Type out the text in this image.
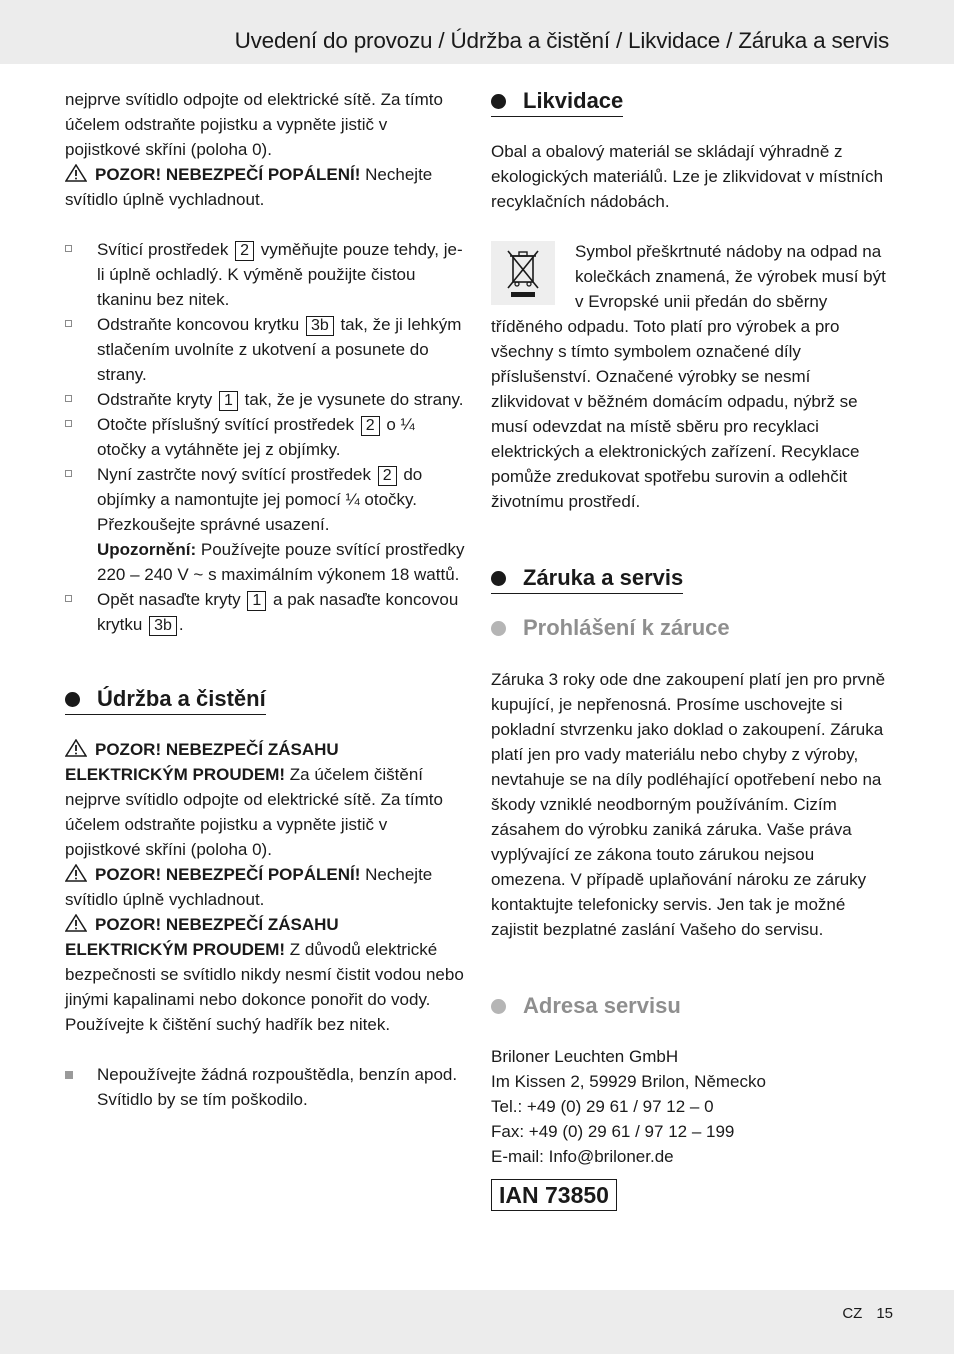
Uvedení do provozu / Údržba a čistění / Likvidace / Záruka a servis

nejprve svítidlo odpojte od elektrické sítě. Za tímto účelem odstraňte pojistku a vypněte jistič v pojistkové skříni (poloha 0).

POZOR! NEBEZPEČÍ POPÁLENÍ! Nechejte svítidlo úplně vychladnout.

Svíticí prostředek 2 vyměňujte pouze tehdy, je-li úplně ochladlý. K výměně použijte čistou tkaninu bez nitek.
Odstraňte koncovou krytku 3b tak, že ji lehkým stlačením uvolníte z ukotvení a posunete do strany.
Odstraňte kryty 1 tak, že je vysunete do strany.
Otočte příslušný svítící prostředek 2 o ¼ otočky a vytáhněte jej z objímky.
Nyní zastrčte nový svítící prostředek 2 do objímky a namontujte jej pomocí ¼ otočky. Přezkoušejte správné usazení.
Upozornění: Používejte pouze svítící prostředky 220 – 240 V ~ s maximálním výkonem 18 wattů.
Opět nasaďte kryty 1 a pak nasaďte koncovou krytku 3b .
Údržba a čistění

POZOR! NEBEZPEČÍ ZÁSAHU ELEKTRICKÝM PROUDEM! Za účelem čištění nejprve svítidlo odpojte od elektrické sítě. Za tímto účelem odstraňte pojistku a vypněte jistič v pojistkové skříni (poloha 0).

POZOR! NEBEZPEČÍ POPÁLENÍ! Nechejte svítidlo úplně vychladnout.

POZOR! NEBEZPEČÍ ZÁSAHU ELEKTRICKÝM PROUDEM! Z důvodů elektrické bezpečnosti se svítidlo nikdy nesmí čistit vodou nebo jinými kapalinami nebo dokonce ponořit do vody. Používejte k čištění suchý hadřík bez nitek.

Nepoužívejte žádná rozpouštědla, benzín apod. Svítidlo by se tím poškodilo.
Likvidace

Obal a obalový materiál se skládají výhradně z ekologických materiálů. Lze je zlikvidovat v místních recyklačních nádobách.

Symbol přeškrtnuté nádoby na odpad na kolečkách znamená, že výrobek musí být v Evropské unii předán do sběrny tříděného odpadu. Toto platí pro výrobek a pro všechny s tímto symbolem označené díly příslušenství. Označené výrobky se nesmí zlikvidovat v běžném domácím odpadu, nýbrž se musí odevzdat na místě sběru pro recyklaci elektrických a elektronických zařízení. Recyklace pomůže zredukovat spotřebu surovin a odlehčit životnímu prostředí.

Záruka a servis
Prohlášení k záruce

Záruka 3 roky ode dne zakoupení platí jen pro prvně kupující, je nepřenosná. Prosíme uschovejte si pokladní stvrzenku jako doklad o zakoupení. Záruka platí jen pro vady materiálu nebo chyby z výroby, nevtahuje se na díly podléhající opotřebení nebo na škody vzniklé neodborným používáním. Cizím zásahem do výrobku zaniká záruka. Vaše práva vyplývající ze zákona touto zárukou nejsou omezena. V případě uplaňování nároku ze záruky kontaktujte telefonicky servis. Jen tak je možné zajistit bezplatné zaslání Vašeho do servisu.

Adresa servisu

Briloner Leuchten GmbH

Im Kissen 2, 59929 Brilon, Německo

Tel.: +49 (0) 29 61 / 97 12 – 0

Fax: +49 (0) 29 61 / 97 12 – 199

E-mail: Info@briloner.de

IAN 73850
CZ 15
